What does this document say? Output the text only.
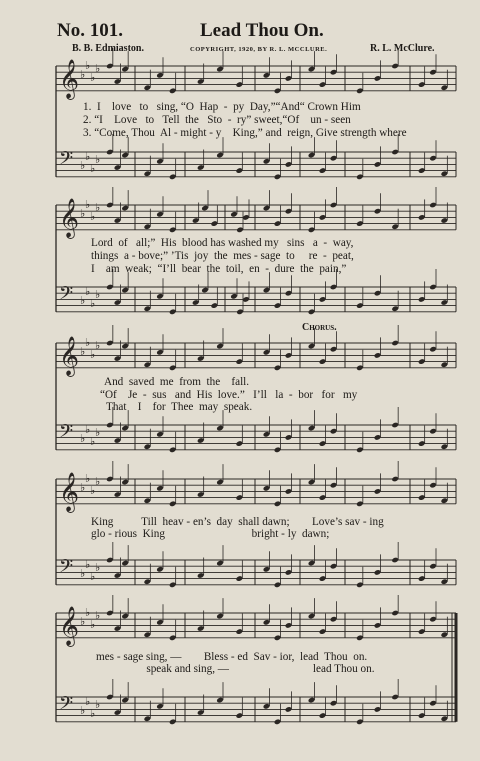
No. 101.	Lead Thou On.
B. B. Edmiaston.	COPYRIGHT, 1920, BY R. L. MCCLURE.	R. L. McClure.
𝄞 ♭
♭
♭
♭
𝄢 ♭
♭
♭
♭
𝄞 ♭
♭
♭
♭
𝄢 ♭
♭
♭
♭
𝄞 ♭
♭
♭
♭
𝄢 ♭
♭
♭
♭
𝄞 ♭
♭
♭
♭
𝄢 ♭
♭
♭
♭
𝄞 ♭
♭
♭
♭
𝄢 ♭
♭
♭
♭
1.  I    love   to   sing, “O  Hap  -  py  Day,”“And“ Crown Him
2. “I    Love   to   Tell  the   Sto  -  ry” sweet,“Of    un - seen
3. “Come, Thou  Al - might - y    King,” and  reign, Give strength where
Lord  of   all;”  His  blood has washed my   sins   a  -  way,
things  a - bove;” ’Tis  joy  the  mes - sage  to     re  -  peat,
I    am  weak;  “I’ll  bear  the  toil,  en  -  dure  the  pain,”
Chorus.
And  saved  me  from  the    fall.
“Of    Je  -  sus   and  His  love.”   I’ll   la  -  bor   for   my
That    I    for  Thee  may  speak.
King          Till  heav - en’s  day  shall dawn;        Love’s sav - ing
glo - rious  King                               bright - ly  dawn;
mes - sage sing, —        Bless - ed  Sav - ior,  lead  Thou  on.
speak and sing, —                              lead Thou on.
